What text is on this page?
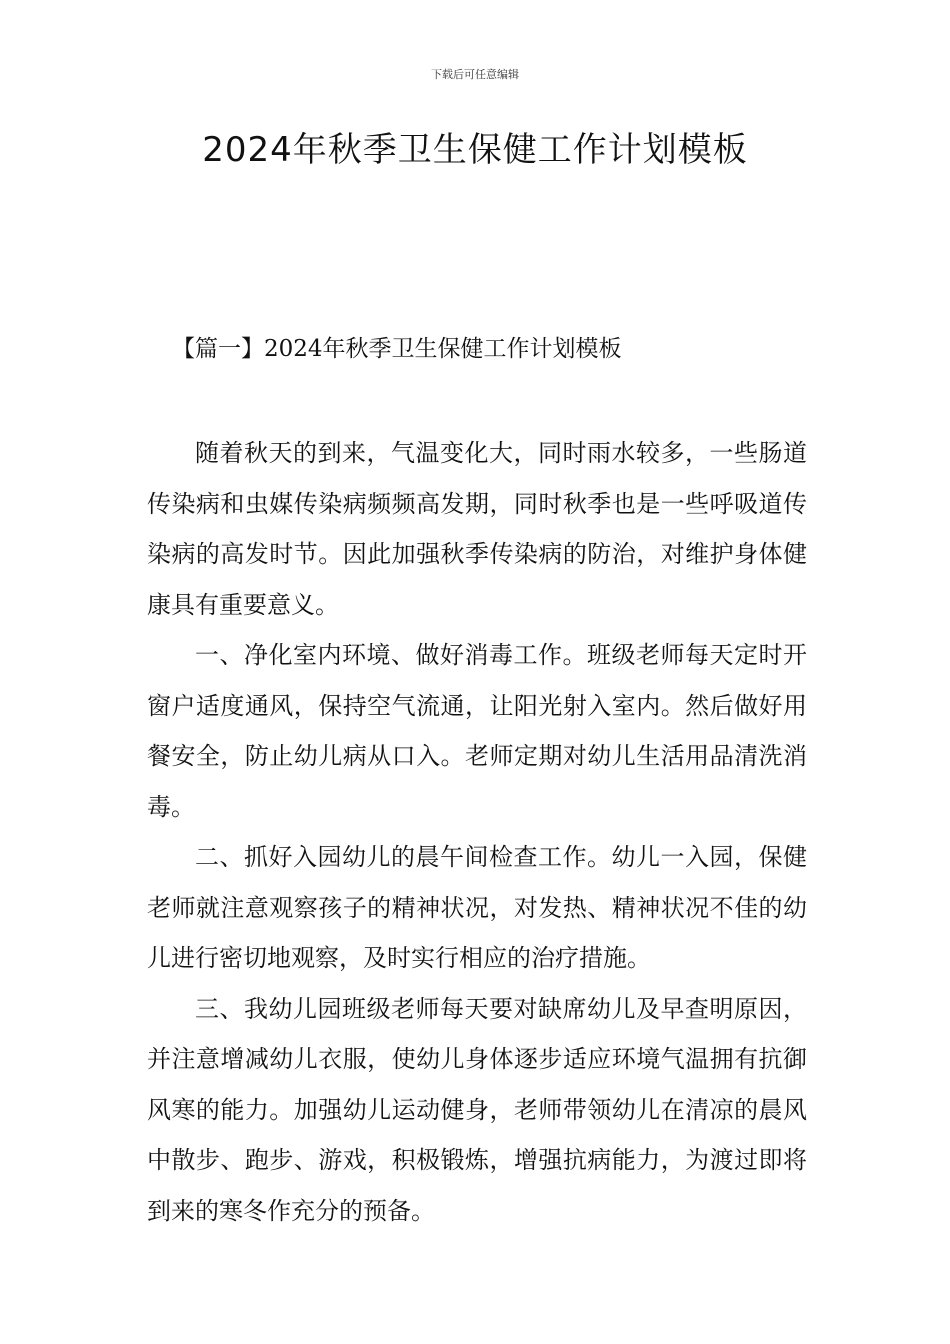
下载后可任意编辑
2024年秋季卫生保健工作计划模板
【篇一】2024年秋季卫生保健工作计划模板

随着秋天的到来，气温变化大，同时雨水较多，一些肠道传染病和虫媒传染病频频高发期，同时秋季也是一些呼吸道传染病的高发时节。因此加强秋季传染病的防治，对维护身体健康具有重要意义。

一、净化室内环境、做好消毒工作。班级老师每天定时开窗户适度通风，保持空气流通，让阳光射入室内。然后做好用餐安全，防止幼儿病从口入。老师定期对幼儿生活用品清洗消毒。

二、抓好入园幼儿的晨午间检查工作。幼儿一入园，保健老师就注意观察孩子的精神状况，对发热、精神状况不佳的幼儿进行密切地观察，及时实行相应的治疗措施。

三、我幼儿园班级老师每天要对缺席幼儿及早查明原因，并注意增减幼儿衣服，使幼儿身体逐步适应环境气温拥有抗御风寒的能力。加强幼儿运动健身，老师带领幼儿在清凉的晨风中散步、跑步、游戏，积极锻炼，增强抗病能力，为渡过即将到来的寒冬作充分的预备。
